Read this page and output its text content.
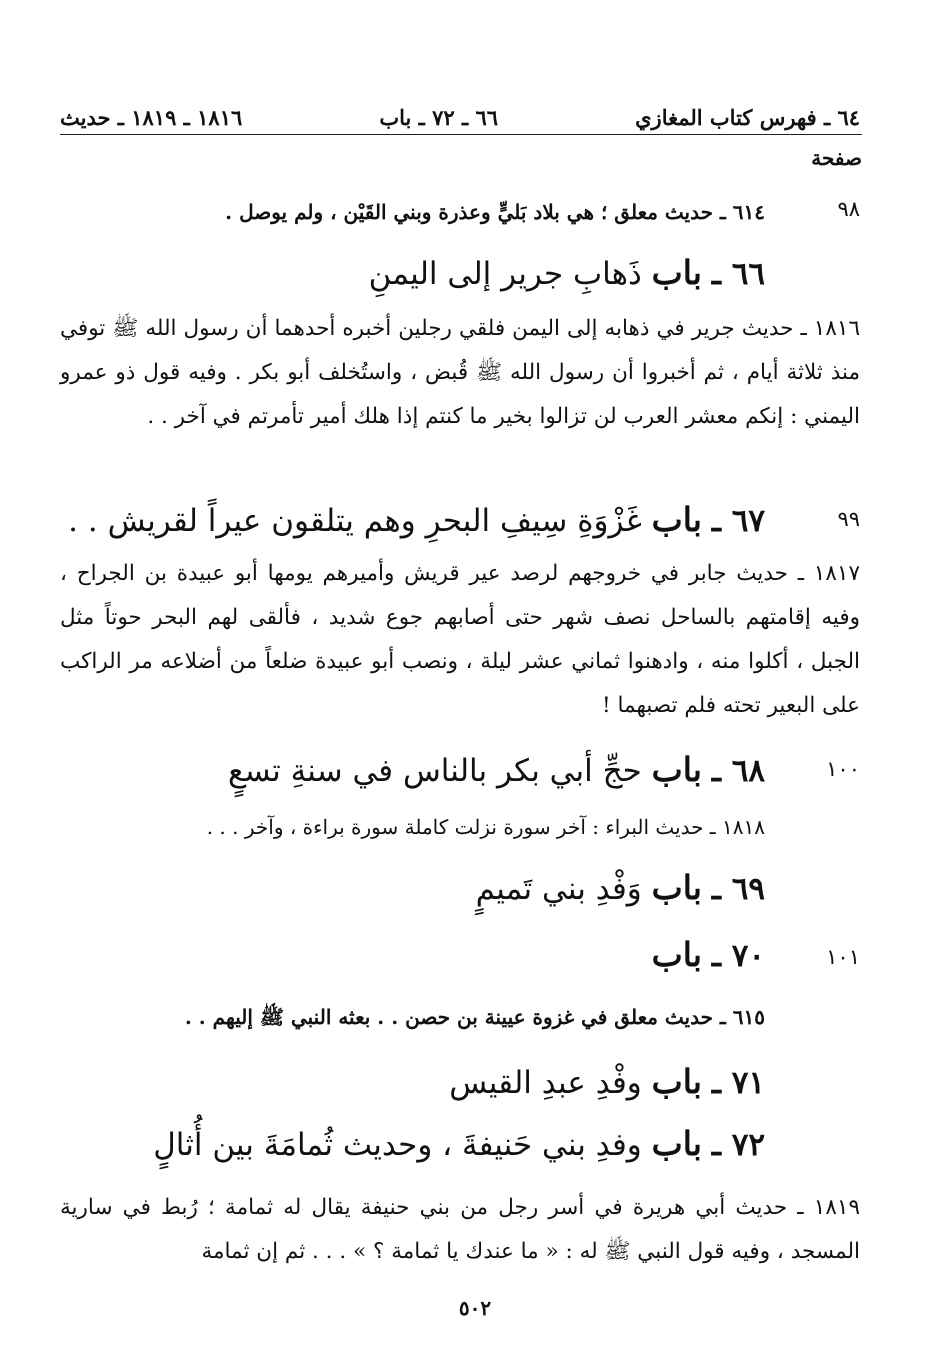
٦٤ ـ فهرس كتاب المغازي
٦٦ ـ ٧٢ ـ باب
١٨١٦ ـ ١٨١٩ ـ حديث
صفحة
٩٨
٦١٤ ـ حديث معلق ؛ هي بلاد بَليٍّ وعذرة وبني القَيْن ، ولم يوصل .
٦٦ ـ باب ذَهابِ جرير إلى اليمنِ
١٨١٦ ـ حديث جرير في ذهابه إلى اليمن فلقي رجلين أخبره أحدهما أن رسول الله ﷺ توفي منذ ثلاثة أيام ، ثم أخبروا أن رسول الله ﷺ قُبض ، واستُخلف أبو بكر . وفيه قول ذو عمرو اليمني : إنكم معشر العرب لن تزالوا بخير ما كنتم إذا هلك أمير تأمرتم في آخر . .
٩٩
٦٧ ـ باب غَزْوَةِ سِيفِ البحرِ وهم يتلقون عيراً لقريش . .
١٨١٧ ـ حديث جابر في خروجهم لرصد عير قريش وأميرهم يومها أبو عبيدة بن الجراح ، وفيه إقامتهم بالساحل نصف شهر حتى أصابهم جوع شديد ، فألقى لهم البحر حوتاً مثل الجبل ، أكلوا منه ، وادهنوا ثماني عشر ليلة ، ونصب أبو عبيدة ضلعاً من أضلاعه مر الراكب على البعير تحته فلم تصبهما !
١٠٠
٦٨ ـ باب حجِّ أبي بكر بالناس في سنةِ تسعٍ
١٨١٨ ـ حديث البراء : آخر سورة نزلت كاملة سورة براءة ، وآخر . . .
٦٩ ـ باب وَفْدِ بني تَميمٍ
١٠١
٧٠ ـ باب
٦١٥ ـ حديث معلق في غزوة عيينة بن حصن . . بعثه النبي ﷺ إليهم . .
٧١ ـ باب وفْدِ عبدِ القيس
٧٢ ـ باب وفدِ بني حَنيفةَ ، وحديث ثُمامَةَ بين أُثالٍ
١٨١٩ ـ حديث أبي هريرة في أسر رجل من بني حنيفة يقال له ثمامة ؛ رُبط في سارية المسجد ، وفيه قول النبي ﷺ له : « ما عندك يا ثمامة ؟ » . . . ثم إن ثمامة
٥٠٢
